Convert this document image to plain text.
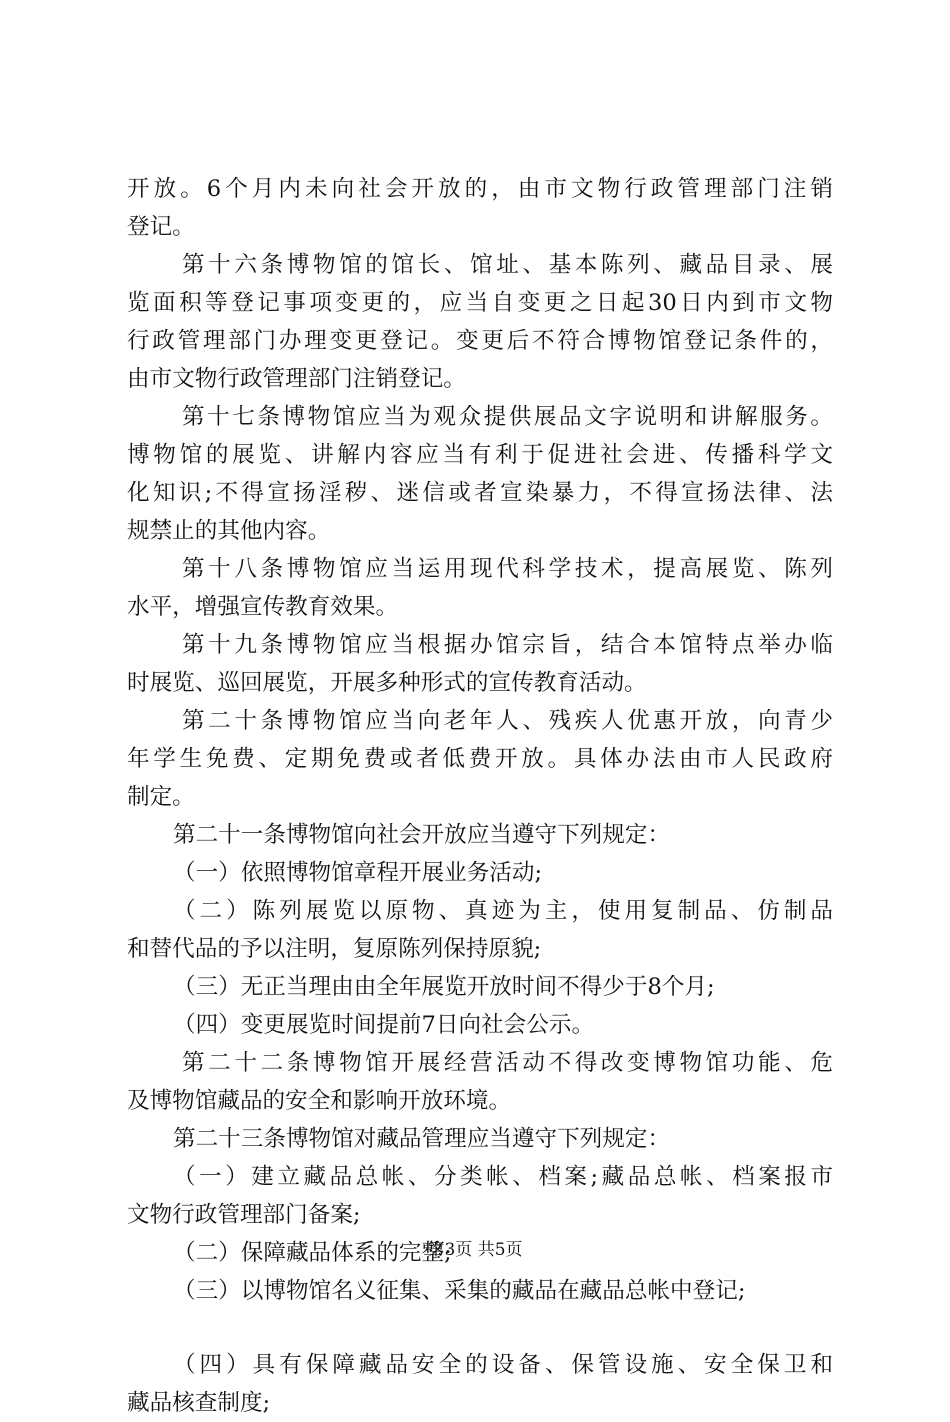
开放。6个月内未向社会开放的，由市文物行政管理部门注销
登记。
第十六条博物馆的馆长、馆址、基本陈列、藏品目录、展
览面积等登记事项变更的，应当自变更之日起30日内到市文物
行政管理部门办理变更登记。变更后不符合博物馆登记条件的，
由市文物行政管理部门注销登记。
第十七条博物馆应当为观众提供展品文字说明和讲解服务。
博物馆的展览、讲解内容应当有利于促进社会进、传播科学文
化知识;不得宣扬淫秽、迷信或者宣染暴力，不得宣扬法律、法
规禁止的其他内容。
第十八条博物馆应当运用现代科学技术，提高展览、陈列
水平，增强宣传教育效果。
第十九条博物馆应当根据办馆宗旨，结合本馆特点举办临
时展览、巡回展览，开展多种形式的宣传教育活动。
第二十条博物馆应当向老年人、残疾人优惠开放，向青少
年学生免费、定期免费或者低费开放。具体办法由市人民政府
制定。
第二十一条博物馆向社会开放应当遵守下列规定：
（一）依照博物馆章程开展业务活动;
（二）陈列展览以原物、真迹为主，使用复制品、仿制品
和替代品的予以注明，复原陈列保持原貌;
（三）无正当理由由全年展览开放时间不得少于8个月;
（四）变更展览时间提前7日向社会公示。
第二十二条博物馆开展经营活动不得改变博物馆功能、危
及博物馆藏品的安全和影响开放环境。
第二十三条博物馆对藏品管理应当遵守下列规定：
（一）建立藏品总帐、分类帐、档案;藏品总帐、档案报市
文物行政管理部门备案;
（二）保障藏品体系的完整;
（三）以博物馆名义征集、采集的藏品在藏品总帐中登记;
（四）具有保障藏品安全的设备、保管设施、安全保卫和
藏品核查制度;
第3页 共5页
